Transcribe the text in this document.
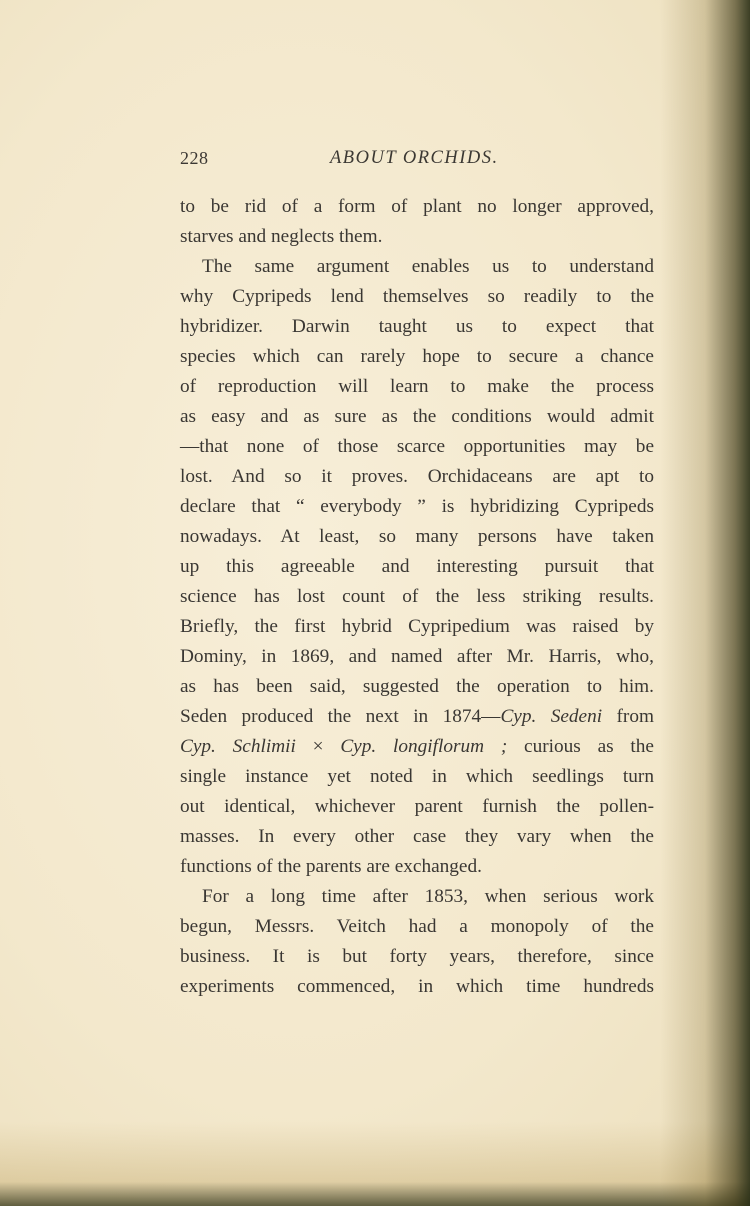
228	ABOUT ORCHIDS.
to be rid of a form of plant no longer approved,
starves and neglects them.
The same argument enables us to understand
why Cypripeds lend themselves so readily to the
hybridizer. Darwin taught us to expect that
species which can rarely hope to secure a chance
of reproduction will learn to make the process
as easy and as sure as the conditions would admit
—that none of those scarce opportunities may be
lost. And so it proves. Orchidaceans are apt to
declare that “ everybody ” is hybridizing Cypripeds
nowadays. At least, so many persons have taken
up this agreeable and interesting pursuit that
science has lost count of the less striking results.
Briefly, the first hybrid Cypripedium was raised by
Dominy, in 1869, and named after Mr. Harris, who,
as has been said, suggested the operation to him.
Seden produced the next in 1874—Cyp. Sedeni from
Cyp. Schlimii × Cyp. longiflorum ; curious as the
single instance yet noted in which seedlings turn
out identical, whichever parent furnish the pollen-
masses. In every other case they vary when the
functions of the parents are exchanged.
For a long time after 1853, when serious work
begun, Messrs. Veitch had a monopoly of the
business. It is but forty years, therefore, since
experiments commenced, in which time hundreds
